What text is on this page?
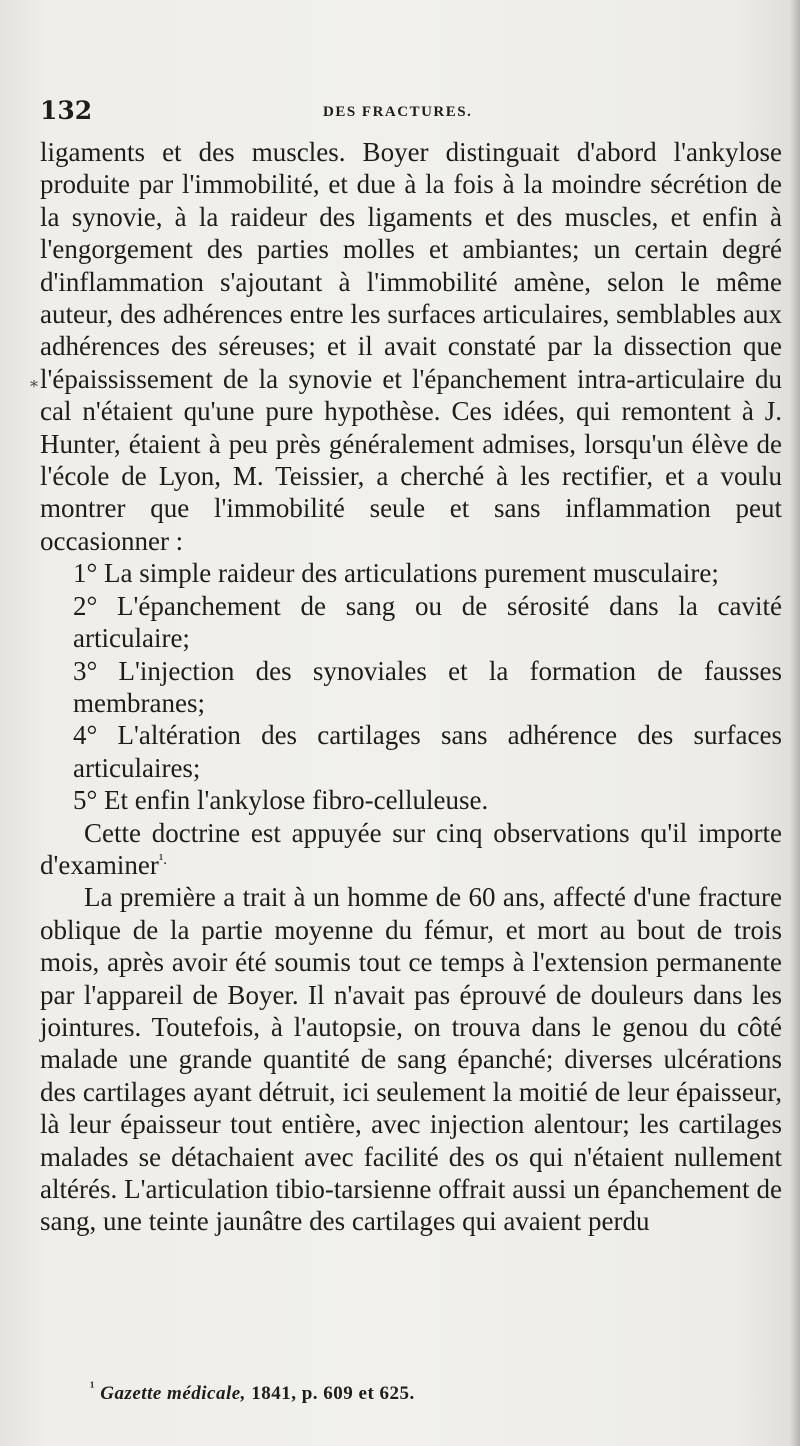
132	DES FRACTURES.
*

ligaments et des muscles. Boyer distinguait d'abord l'ankylose produite par l'immobilité, et due à la fois à la moindre sécrétion de la synovie, à la raideur des ligaments et des muscles, et enfin à l'engorgement des parties molles et ambiantes; un certain degré d'inflammation s'ajoutant à l'immobilité amène, selon le même auteur, des adhérences entre les surfaces articulaires, semblables aux adhérences des séreuses; et il avait constaté par la dissection que l'épaississement de la synovie et l'épanchement intra-articulaire du cal n'étaient qu'une pure hypothèse. Ces idées, qui remontent à J. Hunter, étaient à peu près généralement admises, lorsqu'un élève de l'école de Lyon, M. Teissier, a cherché à les rectifier, et a voulu montrer que l'immobilité seule et sans inflammation peut occasionner :

1° La simple raideur des articulations purement musculaire;

2° L'épanchement de sang ou de sérosité dans la cavité articulaire;

3° L'injection des synoviales et la formation de fausses membranes;

4° L'altération des cartilages sans adhérence des surfaces articulaires;

5° Et enfin l'ankylose fibro-celluleuse.

Cette doctrine est appuyée sur cinq observations qu'il importe d'examiner$^{^1.}$

La première a trait à un homme de 60 ans, affecté d'une fracture oblique de la partie moyenne du fémur, et mort au bout de trois mois, après avoir été soumis tout ce temps à l'extension permanente par l'appareil de Boyer. Il n'avait pas éprouvé de douleurs dans les jointures. Toutefois, à l'autopsie, on trouva dans le genou du côté malade une grande quantité de sang épanché; diverses ulcérations des cartilages ayant détruit, ici seulement la moitié de leur épaisseur, là leur épaisseur tout entière, avec injection alentour; les cartilages malades se détachaient avec facilité des os qui n'étaient nullement altérés. L'articulation tibio-tarsienne offrait aussi un épanchement de sang, une teinte jaunâtre des cartilages qui avaient perdu

$^{^1}$ Gazette médicale, 1841, p. 609 et 625.
